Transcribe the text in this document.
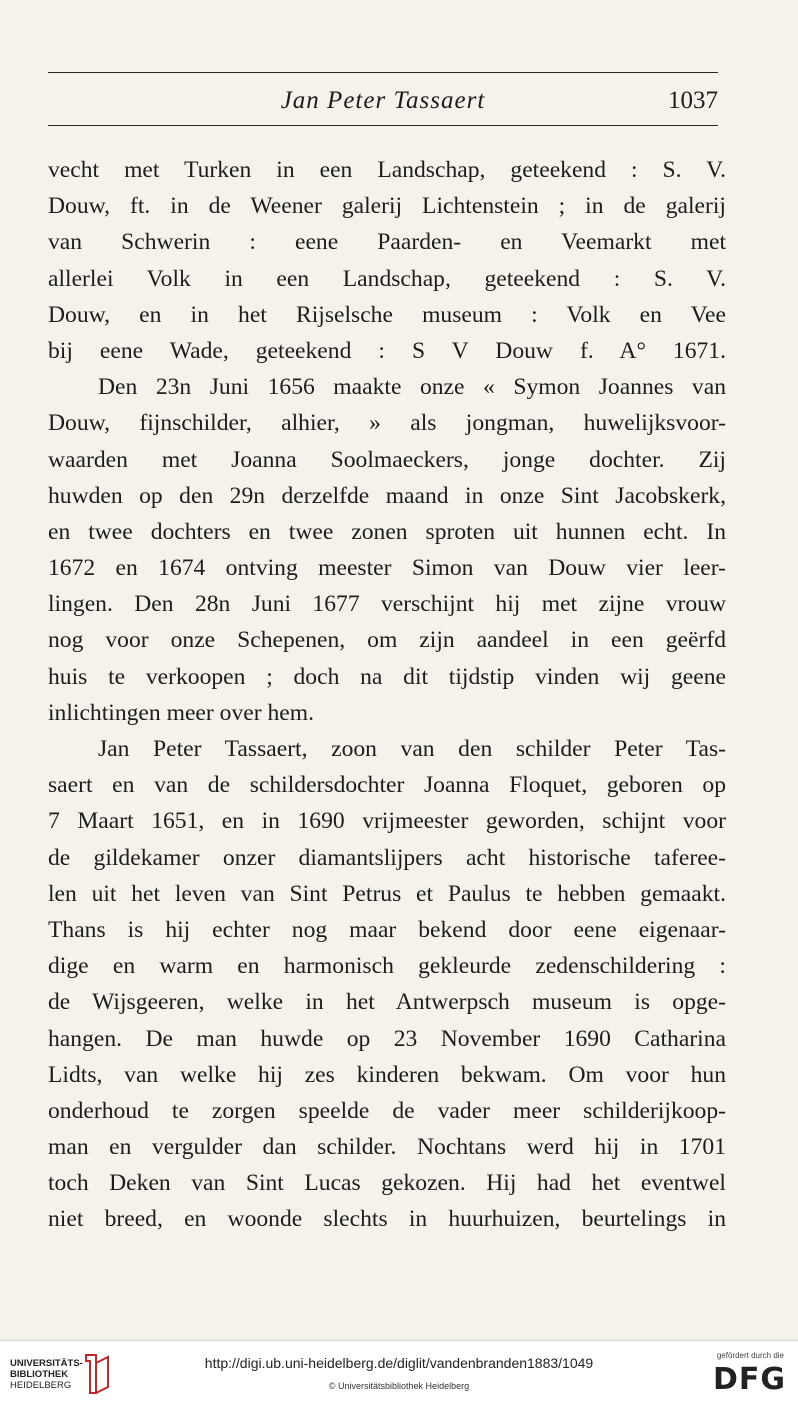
Jan Peter Tassaert	1037
vecht met Turken in een Landschap, geteekend : S. V.
Douw, ft. in de Weener galerij Lichtenstein ; in de galerij
van Schwerin : eene Paarden- en Veemarkt met
allerlei Volk in een Landschap, geteekend : S. V.
Douw, en in het Rijselsche museum : Volk en Vee
bij eene Wade, geteekend : S V Douw f. A° 1671.
Den 23n Juni 1656 maakte onze « Symon Joannes van
Douw, fijnschilder, alhier, » als jongman, huwelijksvoor-
waarden met Joanna Soolmaeckers, jonge dochter. Zij
huwden op den 29n derzelfde maand in onze Sint Jacobskerk,
en twee dochters en twee zonen sproten uit hunnen echt. In
1672 en 1674 ontving meester Simon van Douw vier leer-
lingen. Den 28n Juni 1677 verschijnt hij met zijne vrouw
nog voor onze Schepenen, om zijn aandeel in een geërfd
huis te verkoopen ; doch na dit tijdstip vinden wij geene
inlichtingen meer over hem.
Jan Peter Tassaert, zoon van den schilder Peter Tas-
saert en van de schildersdochter Joanna Floquet, geboren op
7 Maart 1651, en in 1690 vrijmeester geworden, schijnt voor
de gildekamer onzer diamantslijpers acht historische taferee-
len uit het leven van Sint Petrus et Paulus te hebben gemaakt.
Thans is hij echter nog maar bekend door eene eigenaar-
dige en warm en harmonisch gekleurde zedenschildering :
de Wijsgeeren, welke in het Antwerpsch museum is opge-
hangen. De man huwde op 23 November 1690 Catharina
Lidts, van welke hij zes kinderen bekwam. Om voor hun
onderhoud te zorgen speelde de vader meer schilderijkoop-
man en vergulder dan schilder. Nochtans werd hij in 1701
toch Deken van Sint Lucas gekozen. Hij had het eventwel
niet breed, en woonde slechts in huurhuizen, beurtelings in
UNIVERSITÄTS-
BIBLIOTHEK
HEIDELBERG
http://digi.ub.uni-heidelberg.de/diglit/vandenbranden1883/1049
© Universitätsbibliothek Heidelberg
gefördert durch die
DFG
